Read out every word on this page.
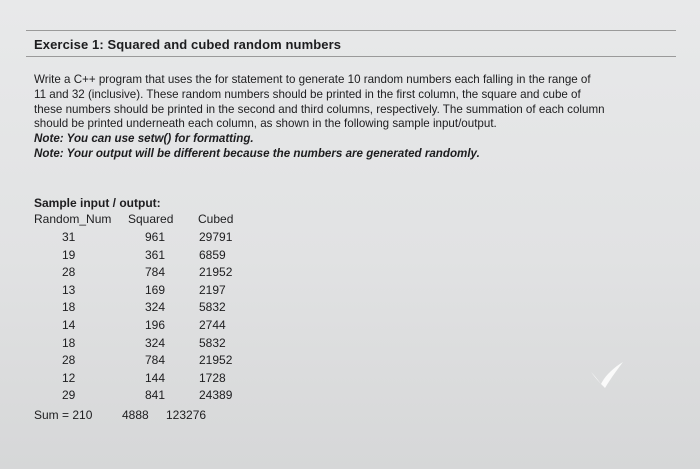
Exercise 1: Squared and cubed random numbers
Write a C++ program that uses the for statement to generate 10 random numbers each falling in the range of
11 and 32 (inclusive). These random numbers should be printed in the first column, the square and cube of
these numbers should be printed in the second and third columns, respectively. The summation of each column
should be printed underneath each column, as shown in the following sample input/output.
Note: You can use setw() for formatting.
Note: Your output will be different because the numbers are generated randomly.
Sample input / output:
Random_Num Squared Cubed
31	961	29791
19	361	6859
28	784	21952
13	169	2197
18	324	5832
14	196	2744
18	324	5832
28	784	21952
12	144	1728
29	841	24389
Sum = 210 4888 123276
